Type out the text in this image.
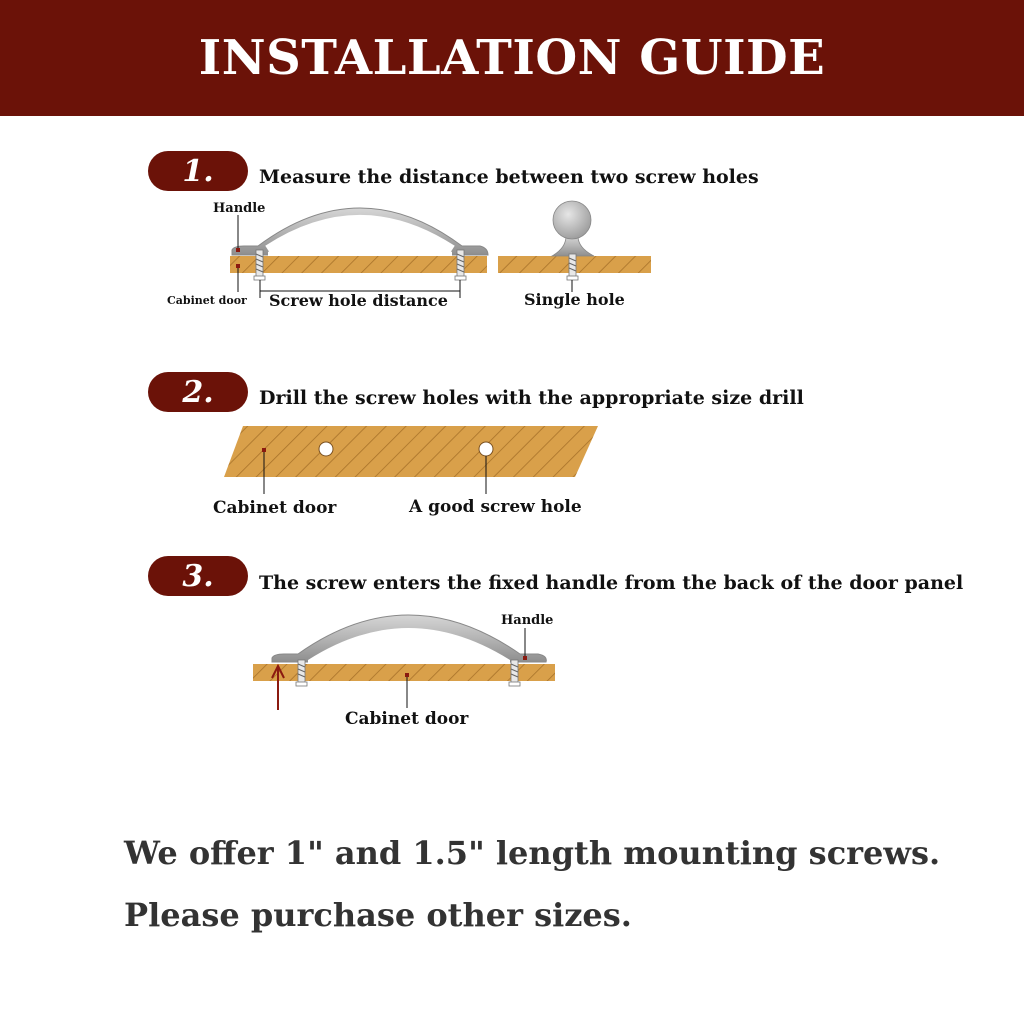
INSTALLATION GUIDE
1.	Measure the distance between two screw holes
Handle
Cabinet door Screw hole distance	Single hole
2.	Drill the screw holes with the appropriate size drill
Cabinet door	A good screw hole
3.	The screw enters the fixed handle from the back of the door panel
Handle
Cabinet door
We offer 1" and 1.5" length mounting screws.
Please purchase other sizes.
